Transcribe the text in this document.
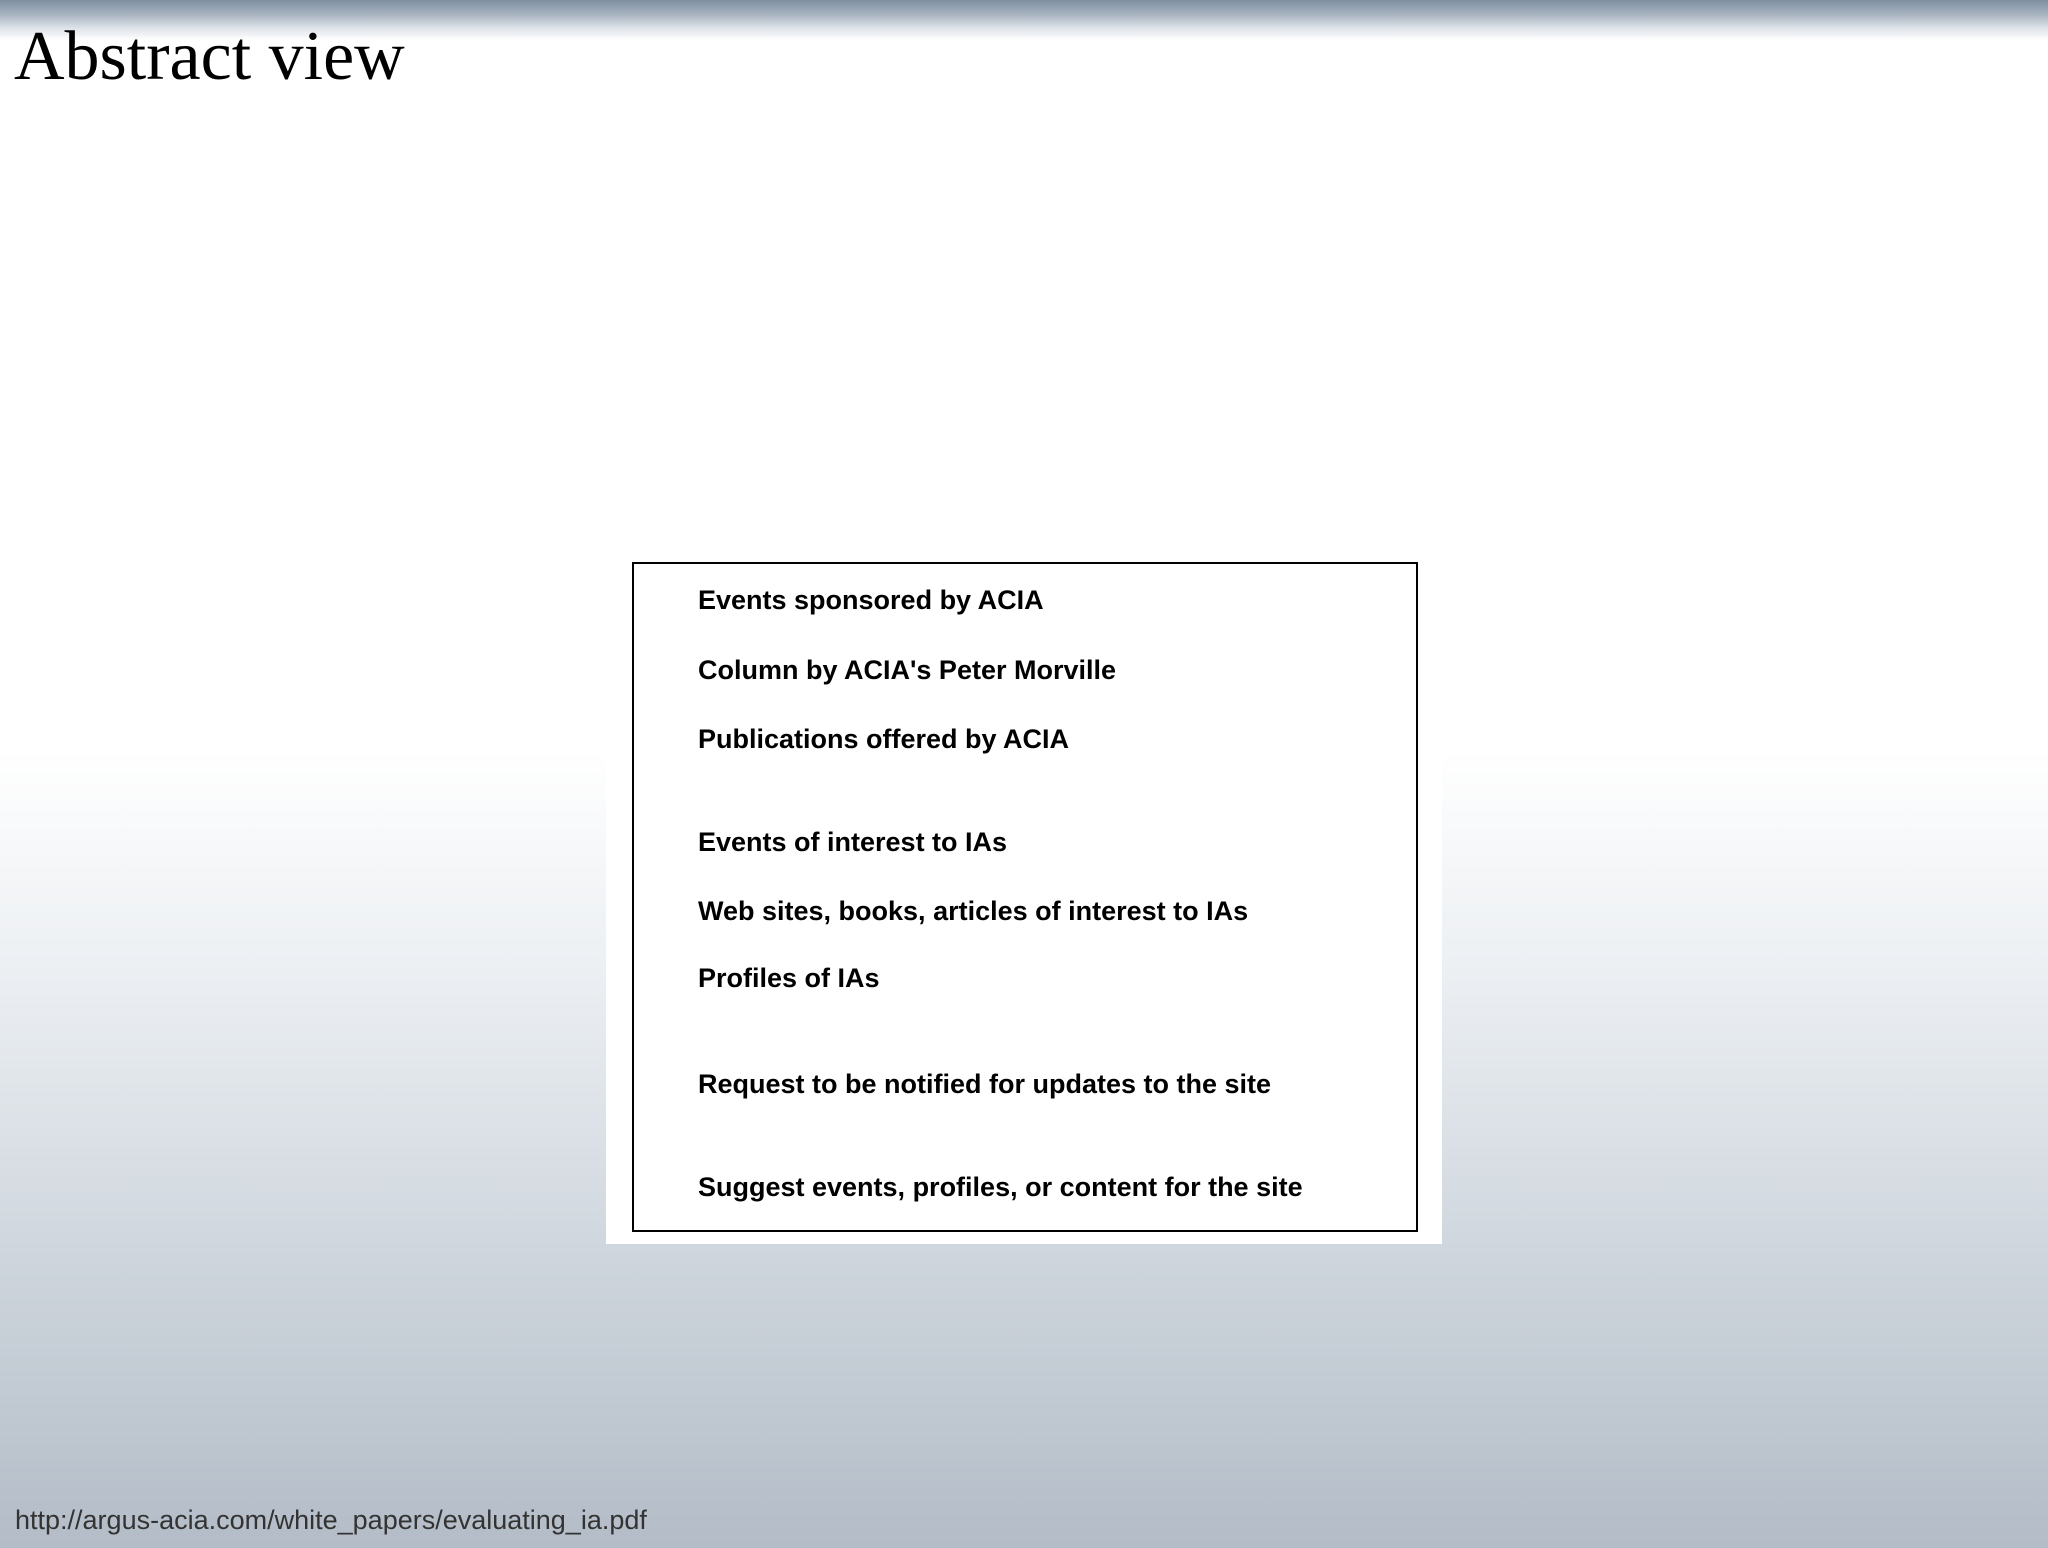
Abstract view

Events sponsored by ACIA

Column by ACIA's Peter Morville

Publications offered by ACIA

Events of interest to IAs

Web sites, books, articles of interest to IAs

Profiles of IAs

Request to be notified for updates to the site

Suggest events, profiles, or content for the site

http://argus-acia.com/white_papers/evaluating_ia.pdf
